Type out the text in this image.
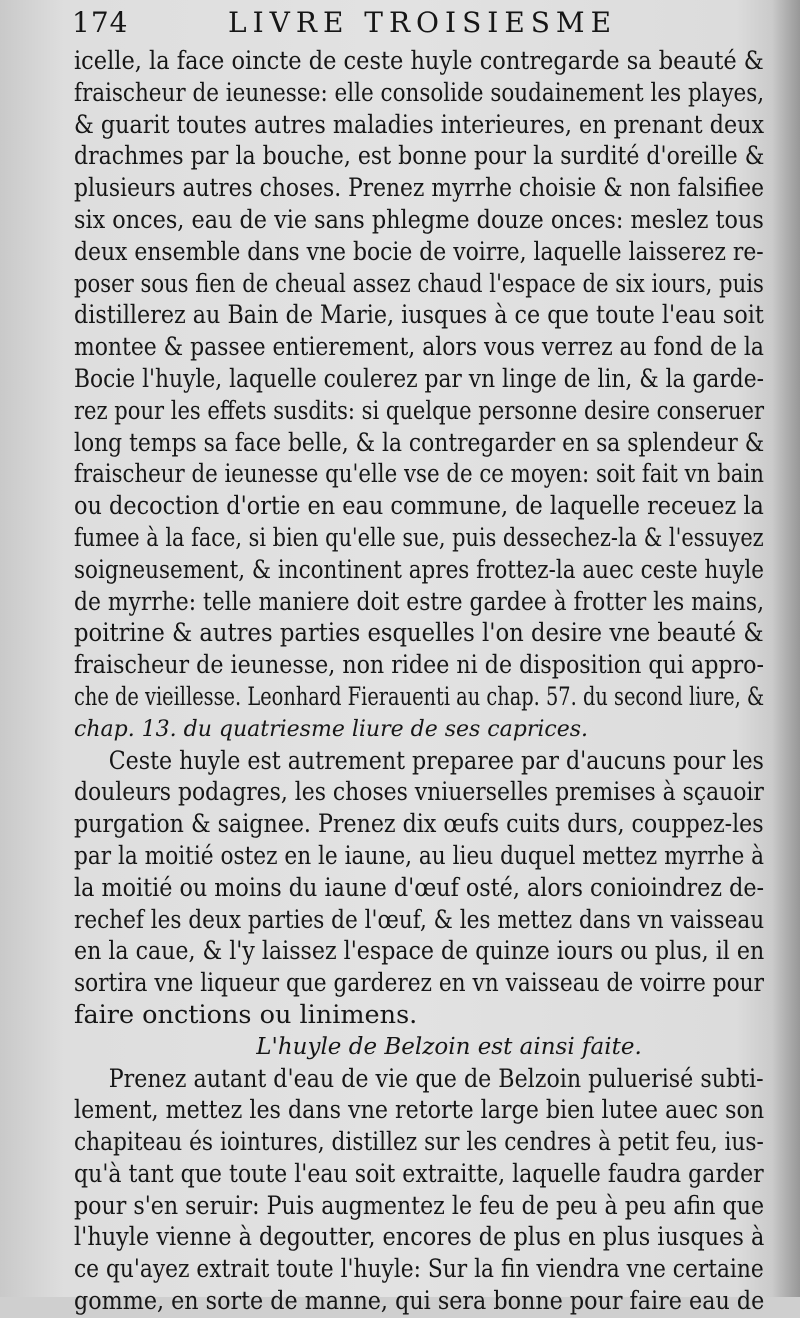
174	LIVRE TROISIESME
icelle, la face oincte de ceste huyle contregarde sa beauté &
fraischeur de ieunesse: elle consolide soudainement les playes,
& guarit toutes autres maladies interieures, en prenant deux
drachmes par la bouche, est bonne pour la surdité d'oreille &
plusieurs autres choses. Prenez myrrhe choisie & non falsifiee
six onces, eau de vie sans phlegme douze onces: meslez tous
deux ensemble dans vne bocie de voirre, laquelle laisserez re-
poser sous fien de cheual assez chaud l'espace de six iours, puis
distillerez au Bain de Marie, iusques à ce que toute l'eau soit
montee & passee entierement, alors vous verrez au fond de la
Bocie l'huyle, laquelle coulerez par vn linge de lin, & la garde-
rez pour les effets susdits: si quelque personne desire conseruer
long temps sa face belle, & la contregarder en sa splendeur &
fraischeur de ieunesse qu'elle vse de ce moyen: soit fait vn bain
ou decoction d'ortie en eau commune, de laquelle receuez la
fumee à la face, si bien qu'elle sue, puis dessechez-la & l'essuyez
soigneusement, & incontinent apres frottez-la auec ceste huyle
de myrrhe: telle maniere doit estre gardee à frotter les mains,
poitrine & autres parties esquelles l'on desire vne beauté &
fraischeur de ieunesse, non ridee ni de disposition qui appro-
che de vieillesse. Leonhard Fierauenti au chap. 57. du second liure, &
chap. 13. du quatriesme liure de ses caprices.
Ceste huyle est autrement preparee par d'aucuns pour les
douleurs podagres, les choses vniuerselles premises à sçauoir
purgation & saignee. Prenez dix œufs cuits durs, couppez-les
par la moitié ostez en le iaune, au lieu duquel mettez myrrhe à
la moitié ou moins du iaune d'œuf osté, alors conioindrez de-
rechef les deux parties de l'œuf, & les mettez dans vn vaisseau
en la caue, & l'y laissez l'espace de quinze iours ou plus, il en
sortira vne liqueur que garderez en vn vaisseau de voirre pour
faire onctions ou linimens.
L'huyle de Belzoin est ainsi faite.
Prenez autant d'eau de vie que de Belzoin puluerisé subti-
lement, mettez les dans vne retorte large bien lutee auec son
chapiteau és iointures, distillez sur les cendres à petit feu, ius-
qu'à tant que toute l'eau soit extraitte, laquelle faudra garder
pour s'en seruir: Puis augmentez le feu de peu à peu afin que
l'huyle vienne à degoutter, encores de plus en plus iusques à
ce qu'ayez extrait toute l'huyle: Sur la fin viendra vne certaine
gomme, en sorte de manne, qui sera bonne pour faire eau de
